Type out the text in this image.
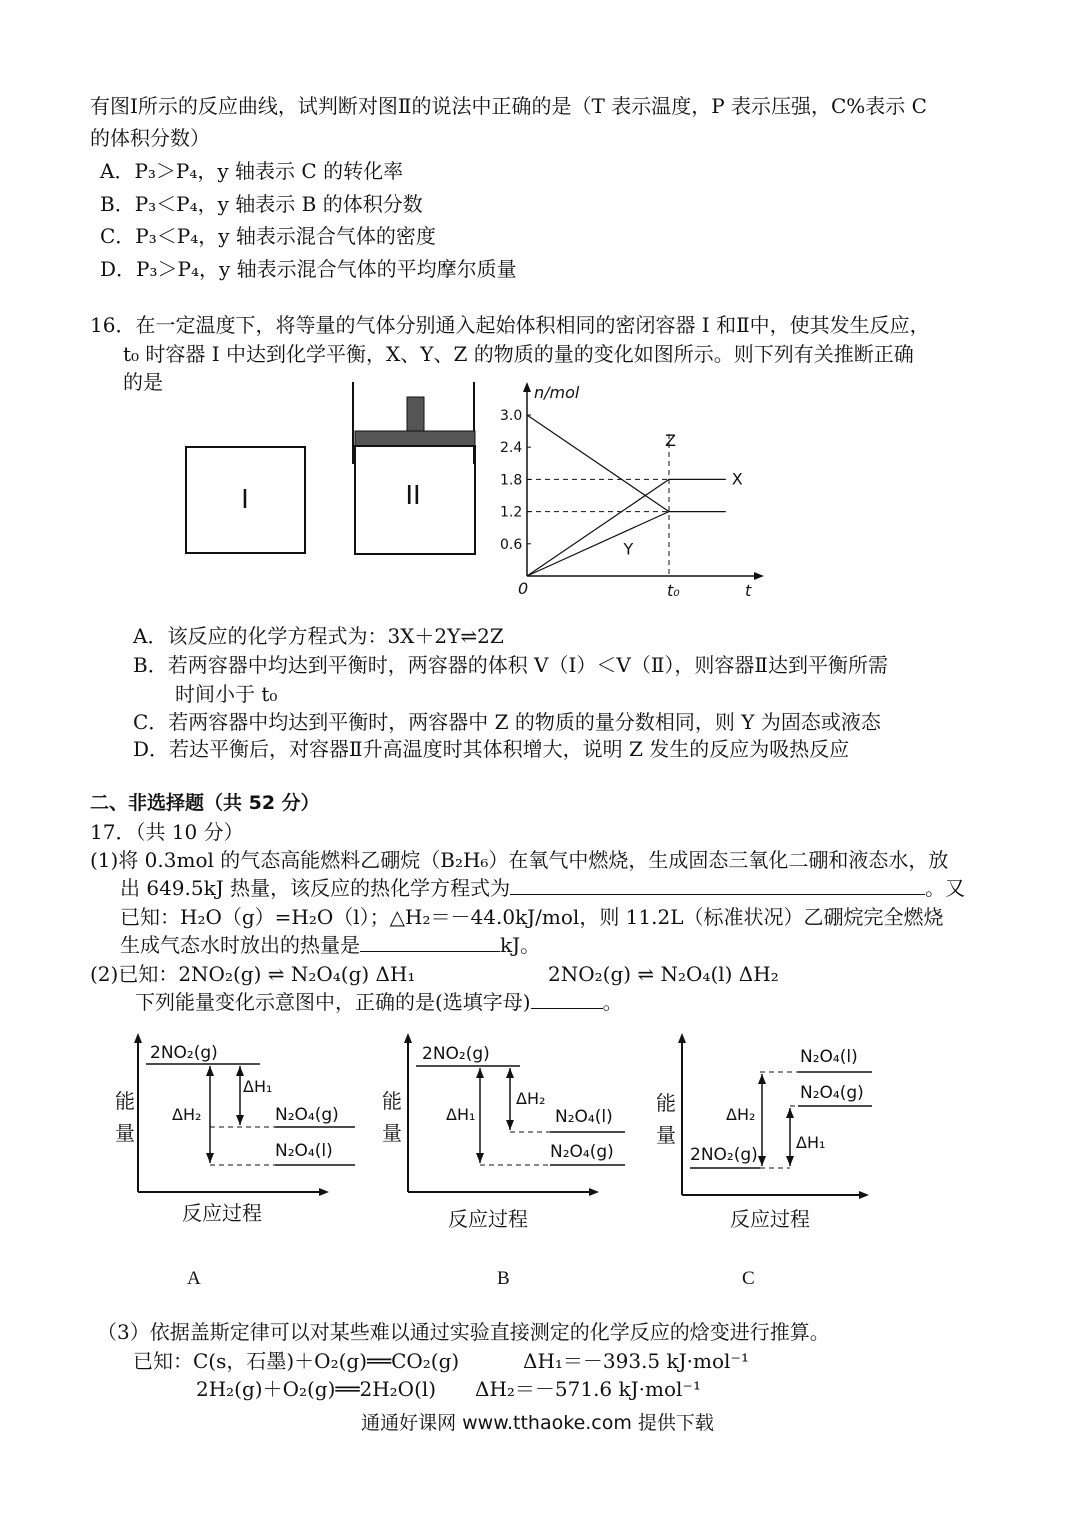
有图Ⅰ所示的反应曲线，试判断对图Ⅱ的说法中正确的是（T 表示温度，P 表示压强，C%表示 C
的体积分数）
A．P₃＞P₄，y 轴表示 C 的转化率
B．P₃＜P₄，y 轴表示 B 的体积分数
C．P₃＜P₄，y 轴表示混合气体的密度
D．P₃＞P₄，y 轴表示混合气体的平均摩尔质量
16．在一定温度下，将等量的气体分别通入起始体积相同的密闭容器 I 和Ⅱ中，使其发生反应，
t₀ 时容器 I 中达到化学平衡，X、Y、Z 的物质的量的变化如图所示。则下列有关推断正确
的是
I	II
n/mol
0	t
t₀
3.0
2.4
1.8
1.2
0.6
Z
X
Y
A．该反应的化学方程式为：3X＋2Y⇌2Z
B．若两容器中均达到平衡时，两容器的体积 V（Ⅰ）＜V（Ⅱ），则容器Ⅱ达到平衡所需
时间小于 t₀
C．若两容器中均达到平衡时，两容器中 Z 的物质的量分数相同，则 Y 为固态或液态
D．若达平衡后，对容器Ⅱ升高温度时其体积增大，说明 Z 发生的反应为吸热反应
二、非选择题（共 52 分）
17．（共 10 分）
(1)将 0.3mol 的气态高能燃料乙硼烷（B₂H₆）在氧气中燃烧，生成固态三氧化二硼和液态水，放
出 649.5kJ 热量，该反应的热化学方程式为	。又
已知：H₂O（g）=H₂O（l）；△H₂＝－44.0kJ/mol，则 11.2L（标准状况）乙硼烷完全燃烧
生成气态水时放出的热量是	kJ。
(2)已知：2NO₂(g) ⇌ N₂O₄(g) ΔH₁	2NO₂(g) ⇌ N₂O₄(l) ΔH₂
下列能量变化示意图中，正确的是(选填字母)	。
能
量
2NO₂(g)
N₂O₄(g)
N₂O₄(l)
ΔH₂
ΔH₁
反应过程
能
量
2NO₂(g)
N₂O₄(l)
N₂O₄(g)
ΔH₁
ΔH₂
反应过程
能
量
N₂O₄(l)
N₂O₄(g)
2NO₂(g)
ΔH₂
ΔH₁
反应过程
A	B	C
（3）依据盖斯定律可以对某些难以通过实验直接测定的化学反应的焓变进行推算。
已知：C(s，石墨)＋O₂(g)══CO₂(g)	ΔH₁＝－393.5 kJ·mol⁻¹
2H₂(g)＋O₂(g)══2H₂O(l) ΔH₂＝－571.6 kJ·mol⁻¹
通通好课网 www.tthaoke.com 提供下载
